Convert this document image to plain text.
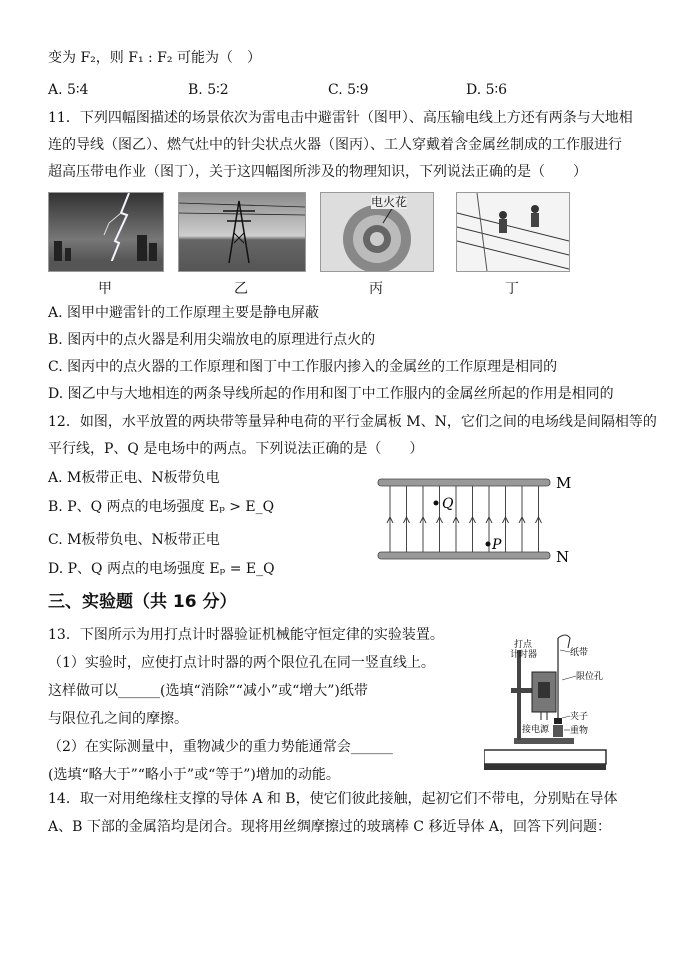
变为 F₂，则 F₁ : F₂ 可能为（　）
A. 5∶4	B. 5∶2	C. 5∶9	D. 5∶6
11．下列四幅图描述的场景依次为雷电击中避雷针（图甲）、高压输电线上方还有两条与大地相
连的导线（图乙）、燃气灶中的针尖状点火器（图丙）、工人穿戴着含金属丝制成的工作服进行
超高压带电作业（图丁），关于这四幅图所涉及的物理知识，下列说法正确的是（　　）
电火花
甲	乙	丙	丁
A. 图甲中避雷针的工作原理主要是静电屏蔽
B. 图丙中的点火器是利用尖端放电的原理进行点火的
C. 图丙中的点火器的工作原理和图丁中工作服内掺入的金属丝的工作原理是相同的
D. 图乙中与大地相连的两条导线所起的作用和图丁中工作服内的金属丝所起的作用是相同的
12．如图，水平放置的两块带等量异种电荷的平行金属板 M、N，它们之间的电场线是间隔相等的
平行线，P、Q 是电场中的两点。下列说法正确的是（　　）
A. M板带正电、N板带负电
B. P、Q 两点的电场强度 Eₚ > E_Q
C. M板带负电、N板带正电
D. P、Q 两点的电场强度 Eₚ = E_Q
Q
P
M
N
三、实验题（共 16 分）
13．下图所示为用打点计时器验证机械能守恒定律的实验装置。
（1）实验时，应使打点计时器的两个限位孔在同一竖直线上。
这样做可以______(选填“消除”“减小”或“增大”)纸带
与限位孔之间的摩擦。
（2）在实际测量中，重物减少的重力势能通常会______
(选填“略大于”“略小于”或“等于”)增加的动能。
打点
计时器	纸带
限位孔
夹子
接电源 重物
14．取一对用绝缘柱支撑的导体 A 和 B，使它们彼此接触，起初它们不带电，分别贴在导体
A、B 下部的金属箔均是闭合。现将用丝绸摩擦过的玻璃棒 C 移近导体 A，回答下列问题：
